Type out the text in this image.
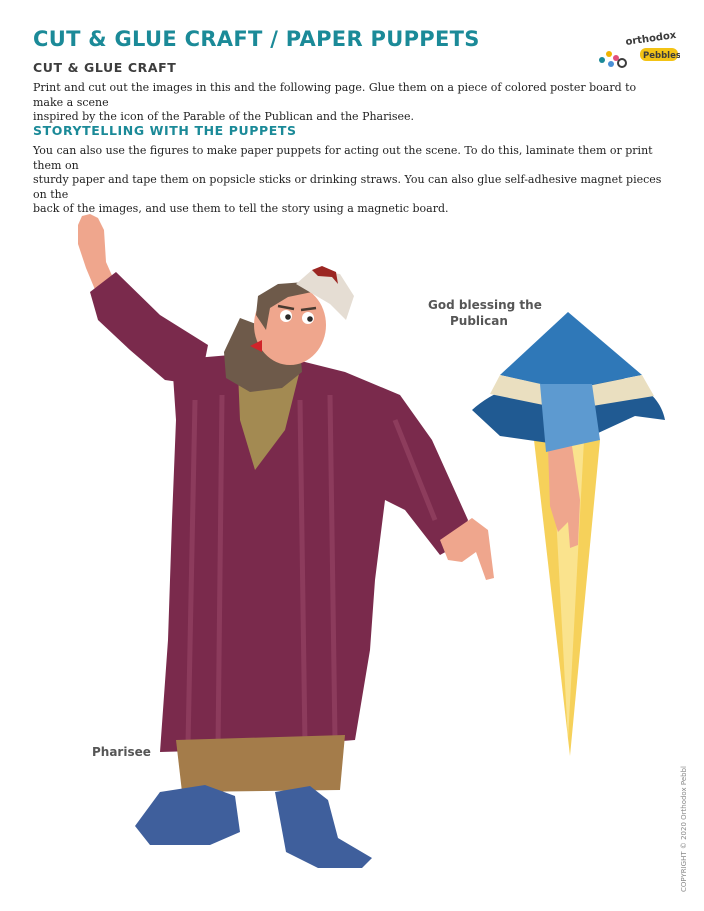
CUT & GLUE CRAFT / PAPER PUPPETS	orthodox
Pebbles
CUT & GLUE CRAFT

Print and cut out the images in this and the following page. Glue them on a piece of colored poster board to make a scene
inspired by the icon of the Parable of the Publican and the Pharisee.

STORYTELLING WITH THE PUPPETS

You can also use the figures to make paper puppets for acting out the scene. To do this, laminate them or print them on
sturdy paper and tape them on popsicle sticks or drinking straws. You can also glue self-adhesive magnet pieces on the
back of the images, and use them to tell the story using a magnetic board.

Pharisee

God blessing the

Publican

COPYRIGHT © 2020 Orthodox Pebbl
